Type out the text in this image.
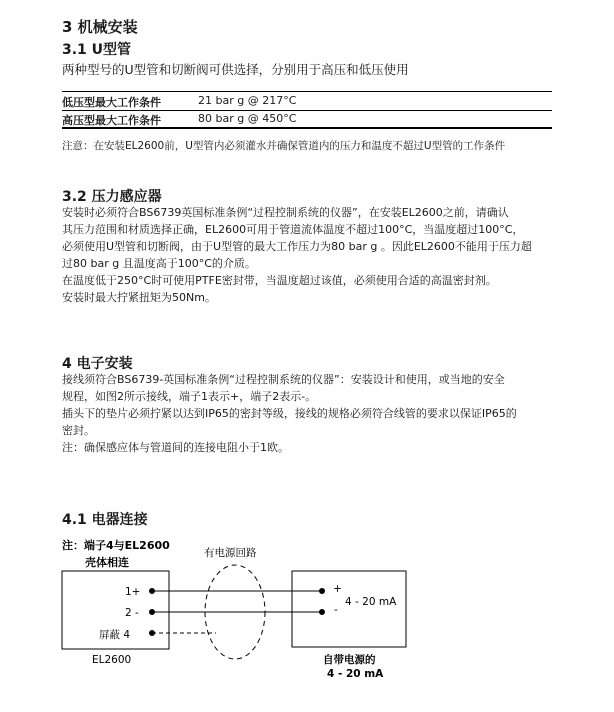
3 机械安装
3.1 U型管
两种型号的U型管和切断阀可供选择，分别用于高压和低压使用
低压型最大工作条件	21 bar g @ 217°C
高压型最大工作条件	80 bar g @ 450°C
注意：在安装EL2600前，U型管内必须灌水并确保管道内的压力和温度不超过U型管的工作条件
3.2 压力感应器

安装时必须符合BS6739英国标准条例“过程控制系统的仪器”，在安装EL2600之前，请确认

其压力范围和材质选择正确，EL2600可用于管道流体温度不超过100°C，当温度超过100°C，

必须使用U型管和切断阀，由于U型管的最大工作压力为80 bar g 。因此EL2600不能用于压力超

过80 bar g 且温度高于100°C的介质。

在温度低于250°C时可使用PTFE密封带，当温度超过该值，必须使用合适的高温密封剂。

安装时最大拧紧扭矩为50Nm。

4 电子安装

接线须符合BS6739-英国标准条例“过程控制系统的仪器”：安装设计和使用，或当地的安全

规程，如图2所示接线，端子1表示+，端子2表示-。

插头下的垫片必须拧紧以达到IP65的密封等级，接线的规格必须符合线管的要求以保证IP65的

密封。

注：确保感应体与管道间的连接电阻小于1欧。

4.1 电器连接
注：端子4与EL2600
壳体相连
有电源回路
1+
2 -
屏蔽 4
EL2600
+
-
4 - 20 mA
自带电源的
4 - 20 mA
